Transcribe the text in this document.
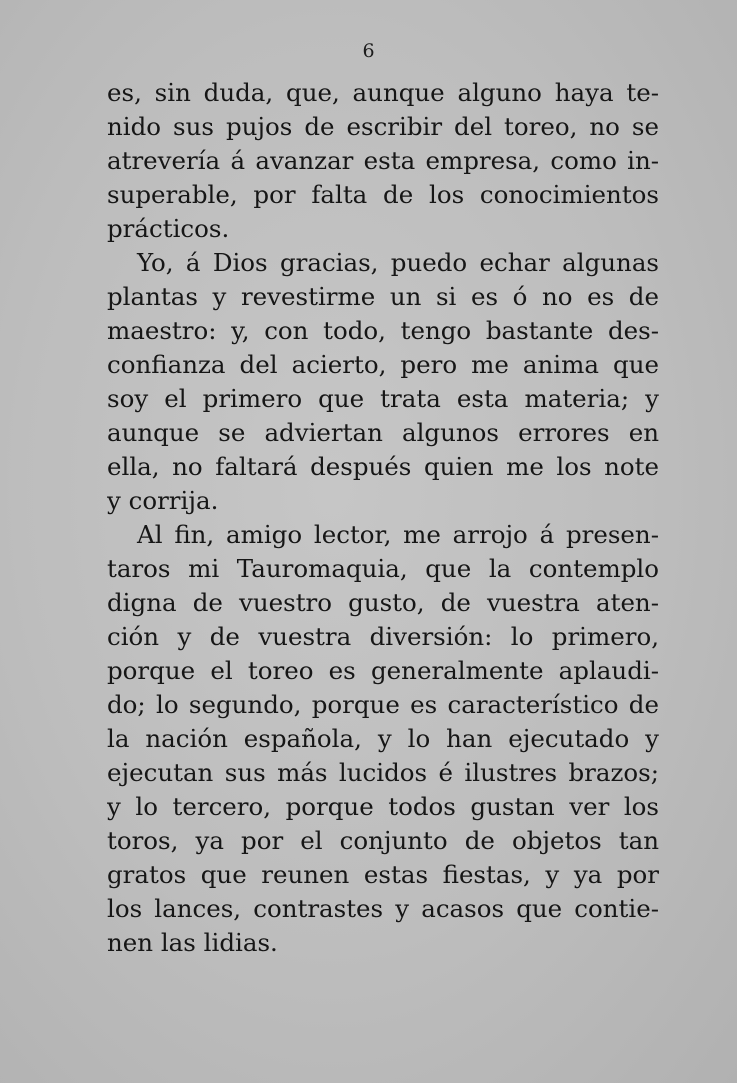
6
es, sin duda, que, aunque alguno haya te-
nido sus pujos de escribir del toreo, no se
atrevería á avanzar esta empresa, como in-
superable, por falta de los conocimientos
prácticos.
Yo, á Dios gracias, puedo echar algunas
plantas y revestirme un si es ó no es de
maestro: y, con todo, tengo bastante des-
confianza del acierto, pero me anima que
soy el primero que trata esta materia; y
aunque se adviertan algunos errores en
ella, no faltará después quien me los note
y corrija.
Al fin, amigo lector, me arrojo á presen-
taros mi Tauromaquia, que la contemplo
digna de vuestro gusto, de vuestra aten-
ción y de vuestra diversión: lo primero,
porque el toreo es generalmente aplaudi-
do; lo segundo, porque es característico de
la nación española, y lo han ejecutado y
ejecutan sus más lucidos é ilustres brazos;
y lo tercero, porque todos gustan ver los
toros, ya por el conjunto de objetos tan
gratos que reunen estas fiestas, y ya por
los lances, contrastes y acasos que contie-
nen las lidias.
